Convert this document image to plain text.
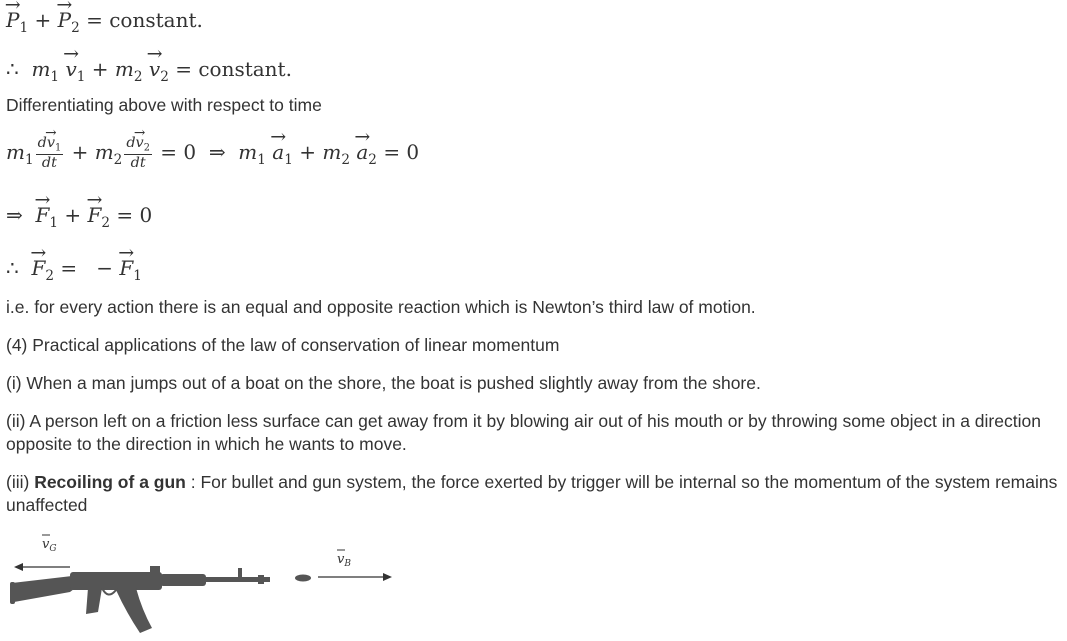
→ $P_1$ + → $P_2$ = constant.
∴  $m_1 \to v_1 + m_2 \to v_2$ = constant.
Differentiating above with respect to time
$m_1 \frac{d\to v_1}{dt} + m_2 \frac{d\to v_2}{dt} = 0$  ⇒  $m_1 \to a_1 + m_2 \to a_2 = 0$
⇒ → $F_1$ + → $F_2 = 0$
∴ → $F_2$ =   − → $F_1$
i.e. for every action there is an equal and opposite reaction which is Newton’s third law of motion.
(4) Practical applications of the law of conservation of linear momentum
(i) When a man jumps out of a boat on the shore, the boat is pushed slightly away from the shore.
(ii) A person left on a friction less surface can get away from it by blowing air out of his mouth or by throwing some object in a direction opposite to the direction in which he wants to move.
(iii) Recoiling of a gun : For bullet and gun system, the force exerted by trigger will be internal so the momentum of the system remains unaffected
$v_G$
$v_B$
